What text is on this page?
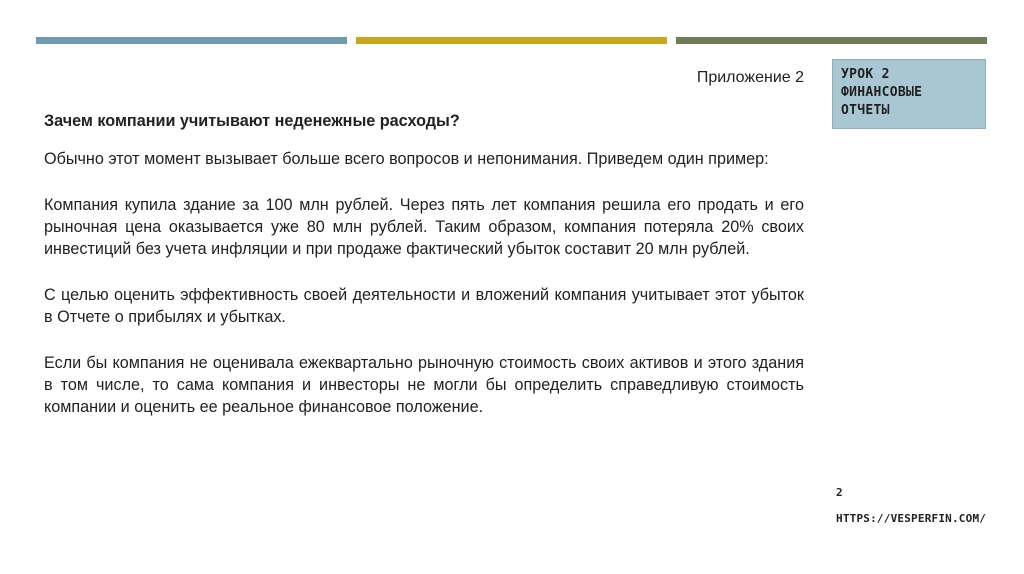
Приложение 2	УРОК 2
ФИНАНСОВЫЕ
ОТЧЕТЫ
Зачем компании учитывают неденежные расходы?

Обычно этот момент вызывает больше всего вопросов и непонимания. Приведем один пример:

Компания купила здание за 100 млн рублей. Через пять лет компания решила его продать и его рыночная цена оказывается уже 80 млн рублей. Таким образом, компания потеряла 20% своих инвестиций без учета инфляции и при продаже фактический убыток составит 20 млн рублей.

С целью оценить эффективность своей деятельности и вложений компания учитывает этот убыток в Отчете о прибылях и убытках.

Если бы компания не оценивала ежеквартально рыночную стоимость своих активов и этого здания в том числе, то сама компания и инвесторы не могли бы определить справедливую стоимость компании и оценить ее реальное финансовое положение.

2
HTTPS://VESPERFIN.COM/
